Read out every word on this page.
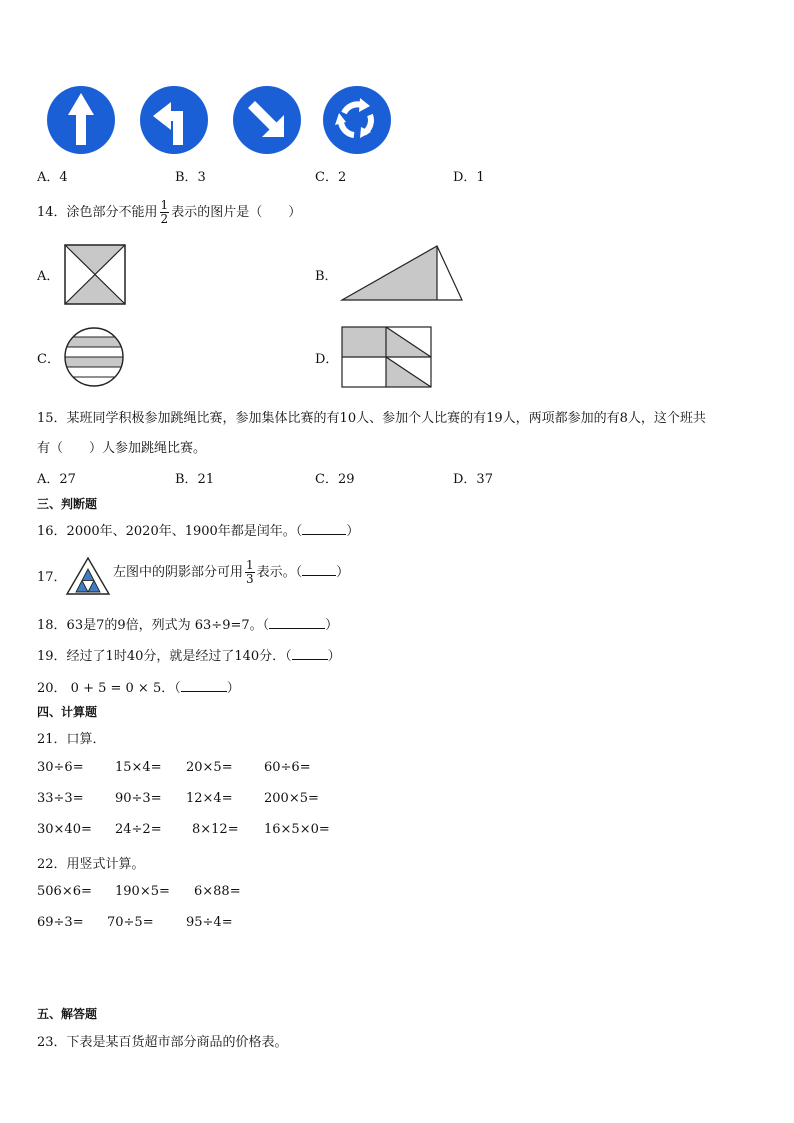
A．4	B．3	C．2	D．1
14．涂色部分不能用 $\frac{1}{2}$ 表示的图片是（　　）
A．	B．
C．	D．
15．某班同学积极参加跳绳比赛，参加集体比赛的有10人、参加个人比赛的有19人，两项都参加的有8人，这个班共
有（　　）人参加跳绳比赛。
A．27	B．21	C．29	D．37
三、判断题
16．2000年、2020年、1900年都是闰年。（	）
17．	左图中的阴影部分可用 $\frac{1}{3}$ 表示。（	）
18．63是7的9倍，列式为 63÷9=7。（	）
19．经过了1时40分，就是经过了140分．（	）
20． 0 + 5 = 0 × 5．（	）
四、计算题
21．口算．
30÷6= 15×4= 20×5= 60÷6=
33÷3= 90÷3= 12×4= 200×5=
30×40= 24÷2= 8×12= 16×5×0=
22．用竖式计算。
506×6= 190×5= 6×88=
69÷3= 70÷5= 95÷4=
五、解答题
23．下表是某百货超市部分商品的价格表。
